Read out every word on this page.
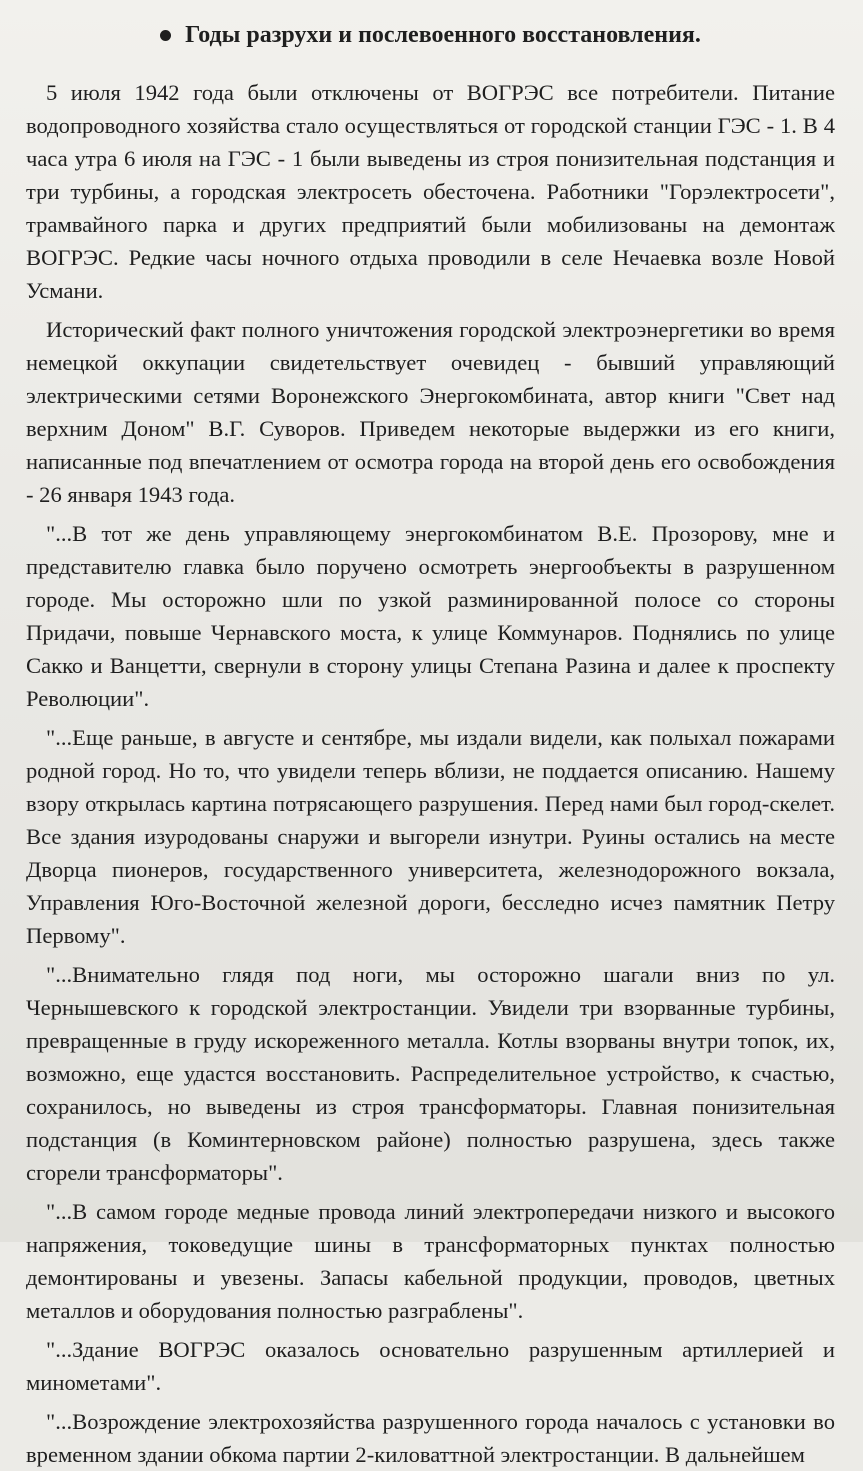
Годы разрухи и послевоенного восстановления.

5 июля 1942 года были отключены от ВОГРЭС все потребители. Питание водопроводного хозяйства стало осуществляться от городской станции ГЭС - 1. В 4 часа утра 6 июля на ГЭС - 1 были выведены из строя понизительная подстанция и три турбины, а городская электросеть обесточена. Работники "Горэлектросети", трамвайного парка и других предприятий были мобилизованы на демонтаж ВОГРЭС. Редкие часы ночного отдыха проводили в селе Нечаевка возле Новой Усмани.

Исторический факт полного уничтожения городской электроэнергетики во время немецкой оккупации свидетельствует очевидец - бывший управляющий электрическими сетями Воронежского Энергокомбината, автор книги "Свет над верхним Доном" В.Г. Суворов. Приведем некоторые выдержки из его книги, написанные под впечатлением от осмотра города на второй день его освобождения - 26 января 1943 года.

"...В тот же день управляющему энергокомбинатом В.Е. Прозорову, мне и представителю главка было поручено осмотреть энергообъекты в разрушенном городе. Мы осторожно шли по узкой разминированной полосе со стороны Придачи, повыше Чернавского моста, к улице Коммунаров. Поднялись по улице Сакко и Ванцетти, свернули в сторону улицы Степана Разина и далее к проспекту Революции".

"...Еще раньше, в августе и сентябре, мы издали видели, как полыхал пожарами родной город. Но то, что увидели теперь вблизи, не поддается описанию. Нашему взору открылась картина потрясающего разрушения. Перед нами был город-скелет. Все здания изуродованы снаружи и выгорели изнутри. Руины остались на месте Дворца пионеров, государственного университета, железнодорожного вокзала, Управления Юго-Восточной железной дороги, бесследно исчез памятник Петру Первому".

"...Внимательно глядя под ноги, мы осторожно шагали вниз по ул. Чернышевского к городской электростанции. Увидели три взорванные турбины, превращенные в груду искореженного металла. Котлы взорваны внутри топок, их, возможно, еще удастся восстановить. Распределительное устройство, к счастью, сохранилось, но выведены из строя трансформаторы. Главная понизительная подстанция (в Коминтерновском районе) полностью разрушена, здесь также сгорели трансформаторы".

"...В самом городе медные провода линий электропередачи низкого и высокого напряжения, токоведущие шины в трансформаторных пунктах полностью демонтированы и увезены. Запасы кабельной продукции, проводов, цветных металлов и оборудования полностью разграблены".

"...Здание ВОГРЭС оказалось основательно разрушенным артиллерией и минометами".

"...Возрождение электрохозяйства разрушенного города началось с установки во временном здании обкома партии 2-киловаттной электростанции. В дальнейшем
